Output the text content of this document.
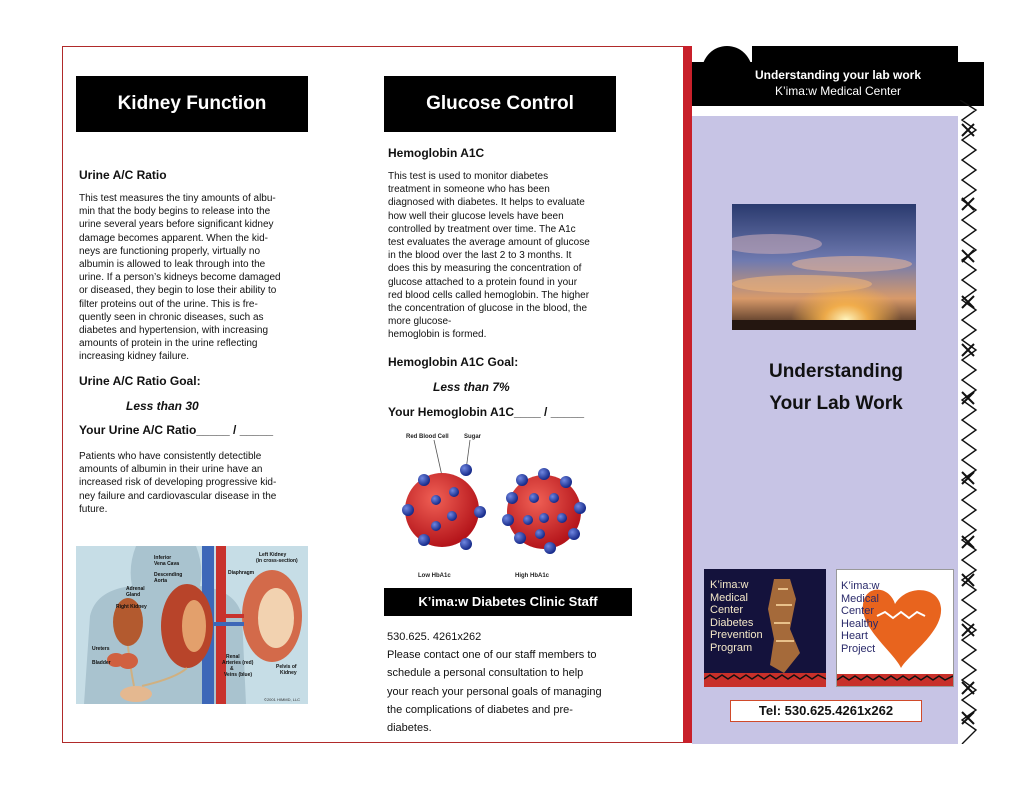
Kidney Function
Urine A/C Ratio
This test measures the tiny amounts of albu-
min that the body begins to release into the
urine several years before significant kidney
damage becomes apparent. When the kid-
neys are functioning properly, virtually no
albumin is allowed to leak through into the
urine. If a person’s kidneys become damaged
or diseased, they begin to lose their ability to
filter proteins out of the urine. This is fre-
quently seen in chronic diseases, such as
diabetes and hypertension, with increasing
amounts of protein in the urine reflecting
increasing kidney failure.
Urine A/C Ratio Goal:
Less than 30
Your Urine A/C Ratio_____ / _____
Patients who have consistently detectible
amounts of albumin in their urine have an
increased risk of developing progressive kid-
ney failure and cardiovascular disease in the
future.
Inferior Vena Cava Descending Aorta Adrenal Gland Diaphragm Left Kidney (in cross-section) Right Kidney Ureters Bladder Renal Arteries (red) & Veins (blue) Pelvis of Kidney
©2001 HIMMD, LLC
Glucose Control
Hemoglobin A1C
This test is used to monitor diabetes
treatment in someone who has been
diagnosed with diabetes. It helps to evaluate
how well their glucose levels have been
controlled by treatment over time. The A1c
test evaluates the average amount of glucose
in the blood over the last 2 to 3 months. It
does this by measuring the concentration of
glucose attached to a protein found in your
red blood cells called hemoglobin. The higher
the concentration of glucose in the blood, the
more glucose-
hemoglobin is formed.
Hemoglobin A1C Goal:
Less than 7%
Your Hemoglobin A1C____ / _____
Red Blood Cell	Sugar
Low HbA1c	High HbA1c
K’ima:w Diabetes Clinic Staff
530.625. 4261x262
Please contact one of our staff members to
schedule a personal consultation to help
your reach your personal goals of managing
the complications of diabetes and pre-
diabetes.
Understanding your lab work
K’ima:w Medical Center
Understanding
Your Lab Work
K’ima:w
Medical
Center
Diabetes
Prevention
Program
K’ima:w
Medical
Center
Healthy
Heart
Project
Tel: 530.625.4261x262
